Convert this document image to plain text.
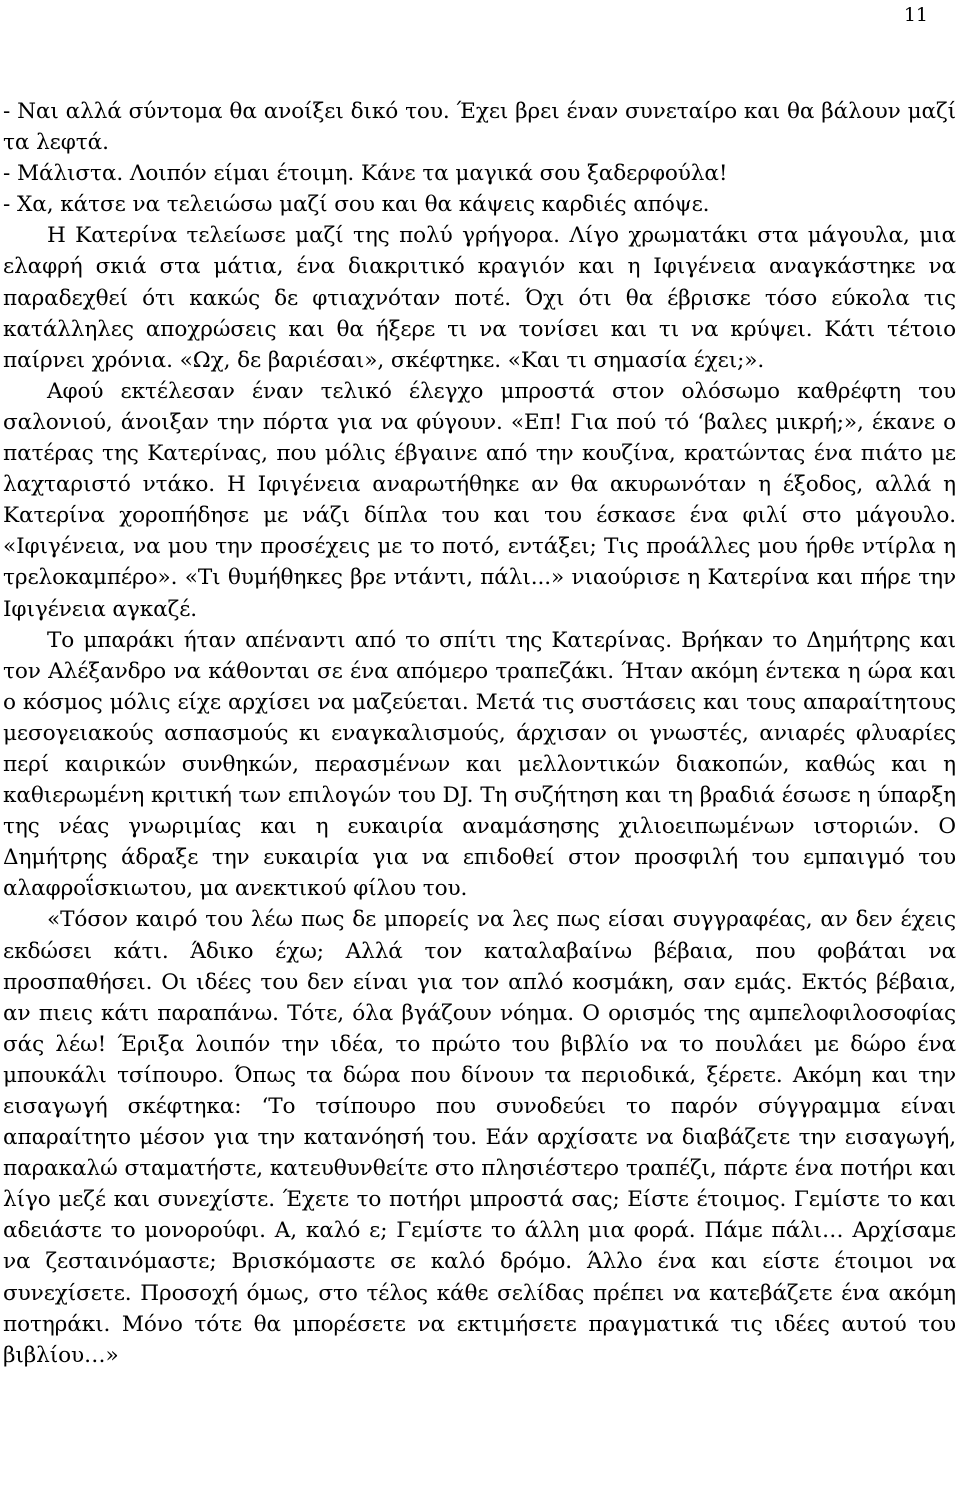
11

- Ναι αλλά σύντομα θα ανοίξει δικό του. Έχει βρει έναν συνεταίρο και θα βάλουν μαζί τα λεφτά.

- Μάλιστα. Λοιπόν είμαι έτοιμη. Κάνε τα μαγικά σου ξαδερφούλα!

- Χα, κάτσε να τελειώσω μαζί σου και θα κάψεις καρδιές απόψε.

Η Κατερίνα τελείωσε μαζί της πολύ γρήγορα. Λίγο χρωματάκι στα μάγουλα, μια ελαφρή σκιά στα μάτια, ένα διακριτικό κραγιόν και η Ιφιγένεια αναγκάστηκε να παραδεχθεί ότι κακώς δε φτιαχνόταν ποτέ. Όχι ότι θα έβρισκε τόσο εύκολα τις κατάλληλες αποχρώσεις και θα ήξερε τι να τονίσει και τι να κρύψει. Κάτι τέτοιο παίρνει χρόνια. «Ωχ, δε βαριέσαι», σκέφτηκε. «Και τι σημασία έχει;».

Αφού εκτέλεσαν έναν τελικό έλεγχο μπροστά στον ολόσωμο καθρέφτη του σαλονιού, άνοιξαν την πόρτα για να φύγουν. «Επ! Για πού τό ‘βαλες μικρή;», έκανε ο πατέρας της Κατερίνας, που μόλις έβγαινε από την κουζίνα, κρατώντας ένα πιάτο με λαχταριστό ντάκο. Η Ιφιγένεια αναρωτήθηκε αν θα ακυρωνόταν η έξοδος, αλλά η Κατερίνα χοροπήδησε με νάζι δίπλα του και του έσκασε ένα φιλί στο μάγουλο. «Ιφιγένεια, να μου την προσέχεις με το ποτό, εντάξει; Τις προάλλες μου ήρθε ντίρλα η τρελοκαμπέρο». «Τι θυμήθηκες βρε ντάντι, πάλι...» νιαούρισε η Κατερίνα και πήρε την Ιφιγένεια αγκαζέ.

Το μπαράκι ήταν απέναντι από το σπίτι της Κατερίνας. Βρήκαν το Δημήτρης και τον Αλέξανδρο να κάθονται σε ένα απόμερο τραπεζάκι. Ήταν ακόμη έντεκα η ώρα και ο κόσμος μόλις είχε αρχίσει να μαζεύεται. Μετά τις συστάσεις και τους απαραίτητους μεσογειακούς ασπασμούς κι εναγκαλισμούς, άρχισαν οι γνωστές, ανιαρές φλυαρίες περί καιρικών συνθηκών, περασμένων και μελλοντικών διακοπών, καθώς και η καθιερωμένη κριτική των επιλογών του DJ. Τη συζήτηση και τη βραδιά έσωσε η ύπαρξη της νέας γνωριμίας και η ευκαιρία αναμάσησης χιλιοειπωμένων ιστοριών. Ο Δημήτρης άδραξε την ευκαιρία για να επιδοθεί στον προσφιλή του εμπαιγμό του αλαφροΐσκιωτου, μα ανεκτικού φίλου του.

«Τόσον καιρό του λέω πως δε μπορείς να λες πως είσαι συγγραφέας, αν δεν έχεις εκδώσει κάτι. Άδικο έχω; Αλλά τον καταλαβαίνω βέβαια, που φοβάται να προσπαθήσει. Οι ιδέες του δεν είναι για τον απλό κοσμάκη, σαν εμάς. Εκτός βέβαια, αν πιεις κάτι παραπάνω. Τότε, όλα βγάζουν νόημα. Ο ορισμός της αμπελοφιλοσοφίας σάς λέω! Έριξα λοιπόν την ιδέα, το πρώτο του βιβλίο να το πουλάει με δώρο ένα μπουκάλι τσίπουρο. Όπως τα δώρα που δίνουν τα περιοδικά, ξέρετε. Ακόμη και την εισαγωγή σκέφτηκα: ‘Το τσίπουρο που συνοδεύει το παρόν σύγγραμμα είναι απαραίτητο μέσον για την κατανόησή του. Εάν αρχίσατε να διαβάζετε την εισαγωγή, παρακαλώ σταματήστε, κατευθυνθείτε στο πλησιέστερο τραπέζι, πάρτε ένα ποτήρι και λίγο μεζέ και συνεχίστε. Έχετε το ποτήρι μπροστά σας; Είστε έτοιμος. Γεμίστε το και αδειάστε το μονορούφι. Α, καλό ε; Γεμίστε το άλλη μια φορά. Πάμε πάλι… Αρχίσαμε να ζεσταινόμαστε; Βρισκόμαστε σε καλό δρόμο. Άλλο ένα και είστε έτοιμοι να συνεχίσετε. Προσοχή όμως, στο τέλος κάθε σελίδας πρέπει να κατεβάζετε ένα ακόμη ποτηράκι. Μόνο τότε θα μπορέσετε να εκτιμήσετε πραγματικά τις ιδέες αυτού του βιβλίου…»
